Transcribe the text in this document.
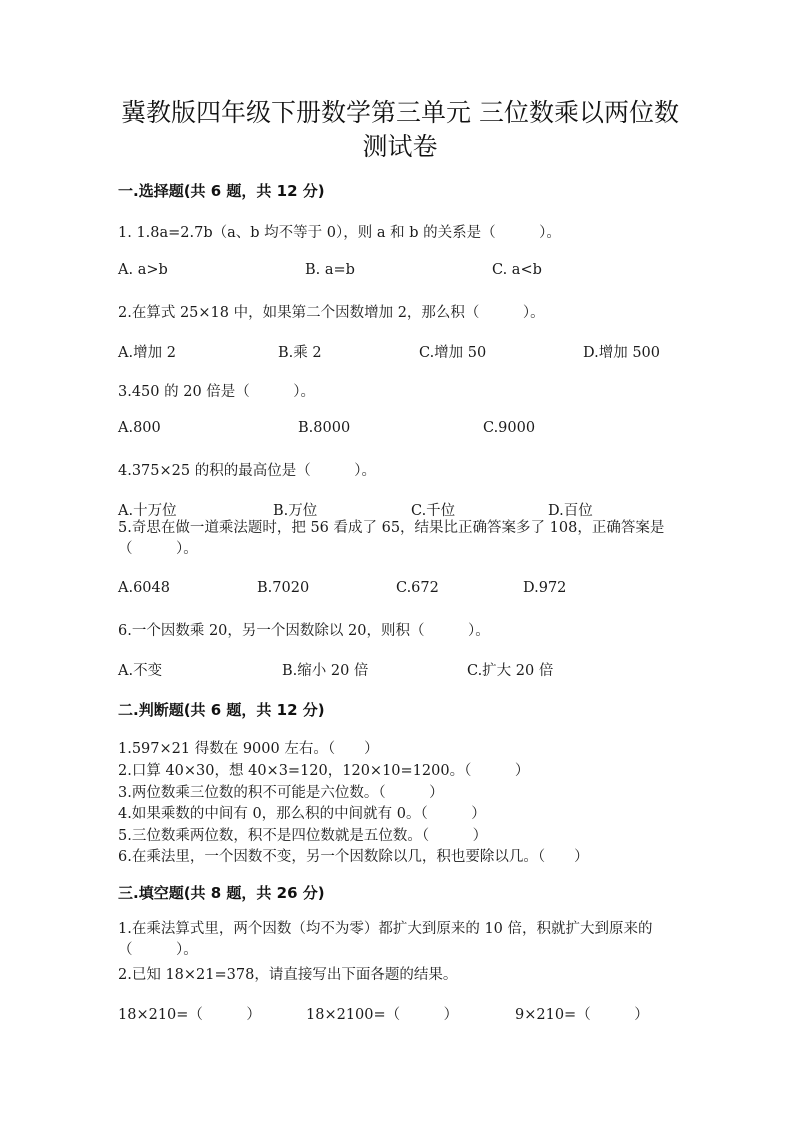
冀教版四年级下册数学第三单元 三位数乘以两位数
测试卷
一.选择题(共 6 题，共 12 分)
1. 1.8a=2.7b（a、b 均不等于 0），则 a 和 b 的关系是（　　　）。
A. a>b	B. a=b	C. a<b
2.在算式 25×18 中，如果第二个因数增加 2，那么积（　　　）。
A.增加 2	B.乘 2	C.增加 50	D.增加 500
3.450 的 20 倍是（　　　）。
A.800	B.8000	C.9000
4.375×25 的积的最高位是（　　　）。
A.十万位	B.万位	C.千位	D.百位
5.奇思在做一道乘法题时，把 56 看成了 65，结果比正确答案多了 108，正确答案是（　　　）。
A.6048	B.7020	C.672	D.972
6.一个因数乘 20，另一个因数除以 20，则积（　　　）。
A.不变	B.缩小 20 倍	C.扩大 20 倍
二.判断题(共 6 题，共 12 分)
1.597×21 得数在 9000 左右。（　　）
2.口算 40×30，想 40×3=120，120×10=1200。（　　　）
3.两位数乘三位数的积不可能是六位数。（　　　）
4.如果乘数的中间有 0，那么积的中间就有 0。（　　　）
5.三位数乘两位数，积不是四位数就是五位数。（　　　）
6.在乘法里，一个因数不变，另一个因数除以几，积也要除以几。（　　）
三.填空题(共 8 题，共 26 分)
1.在乘法算式里，两个因数（均不为零）都扩大到原来的 10 倍，积就扩大到原来的（　　　）。
2.已知 18×21=378，请直接写出下面各题的结果。
18×210=（　　　）	18×2100=（　　　）	9×210=（　　　）
